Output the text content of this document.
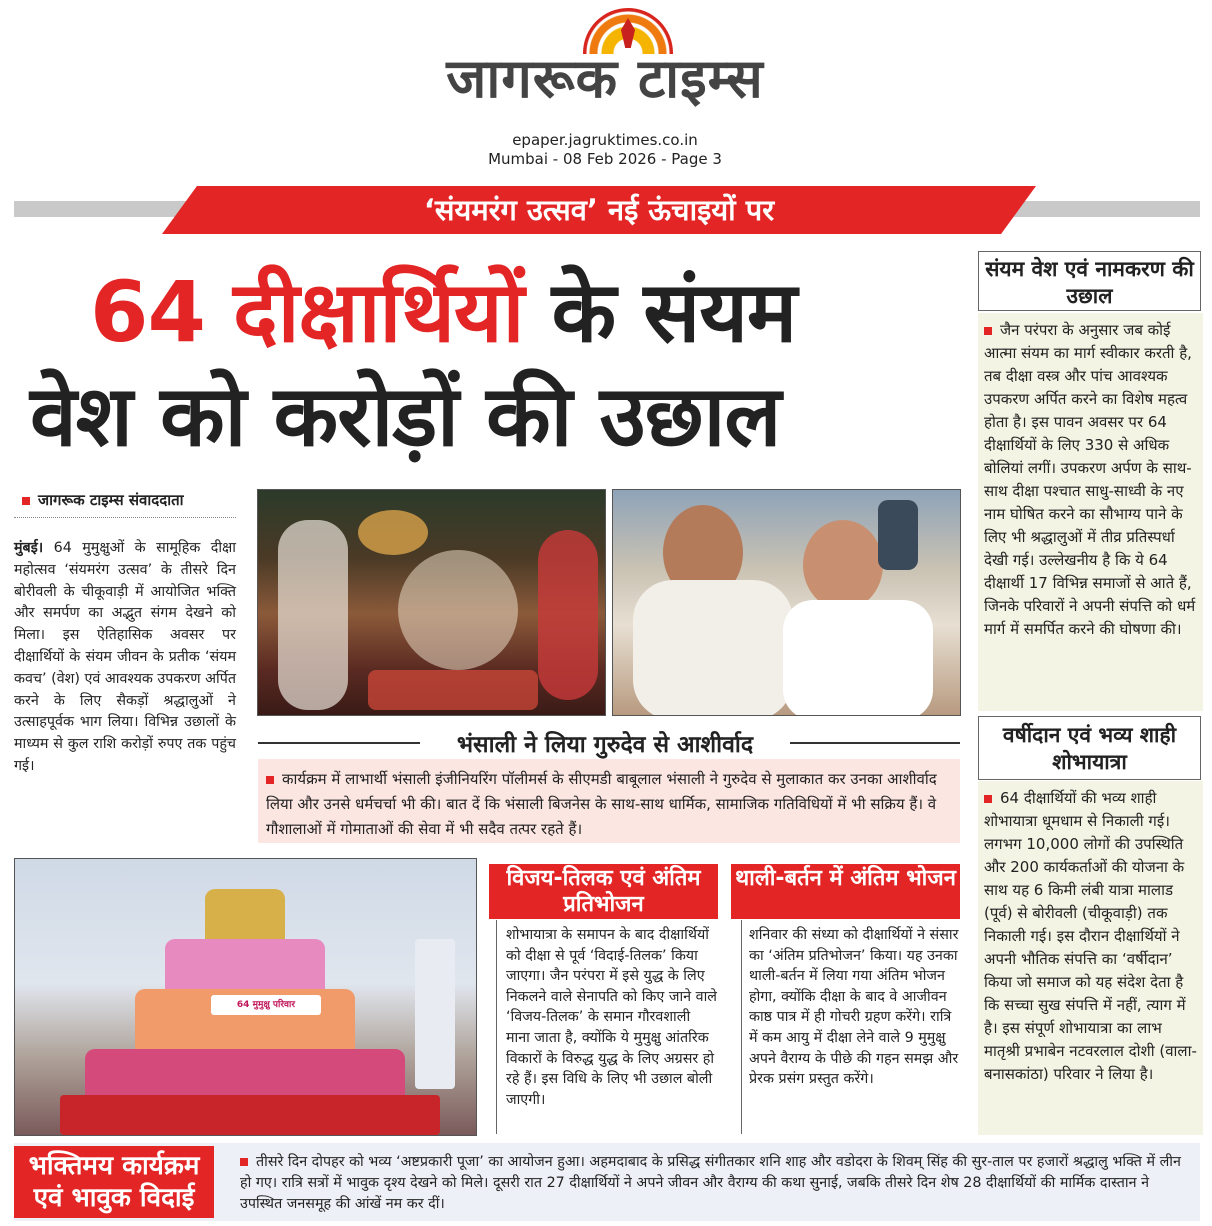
जागरूक टाइम्स
epaper.jagruktimes.co.in
Mumbai - 08 Feb 2026 - Page 3
‘संयमरंग उत्सव’ नई ऊंचाइयों पर
64 दीक्षार्थियों के संयम
वेश को करोड़ों की उछाल
जागरूक टाइम्स संवाददाता
मुंबई। 64 मुमुक्षुओं के सामूहिक दीक्षा महोत्सव ‘संयमरंग उत्सव’ के तीसरे दिन बोरीवली के चीकूवाड़ी में आयोजित भक्ति और समर्पण का अद्भुत संगम देखने को मिला। इस ऐतिहासिक अवसर पर दीक्षार्थियों के संयम जीवन के प्रतीक ‘संयम कवच’ (वेश) एवं आवश्यक उपकरण अर्पित करने के लिए सैकड़ों श्रद्धालुओं ने उत्साहपूर्वक भाग लिया। विभिन्न उछालों के माध्यम से कुल राशि करोड़ों रुपए तक पहुंच गई।
64 मुमुक्षु परिवार
भंसाली ने लिया गुरुदेव से आशीर्वाद
कार्यक्रम में लाभार्थी भंसाली इंजीनियरिंग पॉलीमर्स के सीएमडी बाबूलाल भंसाली ने गुरुदेव से मुलाकात कर उनका आशीर्वाद लिया और उनसे धर्मचर्चा भी की। बात दें कि भंसाली बिजनेस के साथ-साथ धार्मिक, सामाजिक गतिविधियों में भी सक्रिय हैं। वे गौशालाओं में गोमाताओं की सेवा में भी सदैव तत्पर रहते हैं।
संयम वेश एवं नामकरण की उछाल
जैन परंपरा के अनुसार जब कोई आत्मा संयम का मार्ग स्वीकार करती है, तब दीक्षा वस्त्र और पांच आवश्यक उपकरण अर्पित करने का विशेष महत्व होता है। इस पावन अवसर पर 64 दीक्षार्थियों के लिए 330 से अधिक बोलियां लगीं। उपकरण अर्पण के साथ-साथ दीक्षा पश्चात साधु-साध्वी के नए नाम घोषित करने का सौभाग्य पाने के लिए भी श्रद्धालुओं में तीव्र प्रतिस्पर्धा देखी गई। उल्लेखनीय है कि ये 64 दीक्षार्थी 17 विभिन्न समाजों से आते हैं, जिनके परिवारों ने अपनी संपत्ति को धर्म मार्ग में समर्पित करने की घोषणा की।
वर्षीदान एवं भव्य शाही शोभायात्रा
64 दीक्षार्थियों की भव्य शाही शोभायात्रा धूमधाम से निकाली गई। लगभग 10,000 लोगों की उपस्थिति और 200 कार्यकर्ताओं की योजना के साथ यह 6 किमी लंबी यात्रा मालाड (पूर्व) से बोरीवली (चीकूवाड़ी) तक निकाली गई। इस दौरान दीक्षार्थियों ने अपनी भौतिक संपत्ति का ‘वर्षीदान’ किया जो समाज को यह संदेश देता है कि सच्चा सुख संपत्ति में नहीं, त्याग में है। इस संपूर्ण शोभायात्रा का लाभ मातृश्री प्रभाबेन नटवरलाल दोशी (वाला-बनासकांठा) परिवार ने लिया है।
विजय-तिलक एवं अंतिम प्रतिभोजन
शोभायात्रा के समापन के बाद दीक्षार्थियों को दीक्षा से पूर्व ‘विदाई-तिलक’ किया जाएगा। जैन परंपरा में इसे युद्ध के लिए निकलने वाले सेनापति को किए जाने वाले ‘विजय-तिलक’ के समान गौरवशाली माना जाता है, क्योंकि ये मुमुक्षु आंतरिक विकारों के विरुद्ध युद्ध के लिए अग्रसर हो रहे हैं। इस विधि के लिए भी उछाल बोली जाएगी।
थाली-बर्तन में अंतिम भोजन
शनिवार की संध्या को दीक्षार्थियों ने संसार का ‘अंतिम प्रतिभोजन’ किया। यह उनका थाली-बर्तन में लिया गया अंतिम भोजन होगा, क्योंकि दीक्षा के बाद वे आजीवन काष्ठ पात्र में ही गोचरी ग्रहण करेंगे। रात्रि में कम आयु में दीक्षा लेने वाले 9 मुमुक्षु अपने वैराग्य के पीछे की गहन समझ और प्रेरक प्रसंग प्रस्तुत करेंगे।
भक्तिमय कार्यक्रम एवं भावुक विदाई
तीसरे दिन दोपहर को भव्य ‘अष्टप्रकारी पूजा’ का आयोजन हुआ। अहमदाबाद के प्रसिद्ध संगीतकार शनि शाह और वडोदरा के शिवम् सिंह की सुर-ताल पर हजारों श्रद्धालु भक्ति में लीन हो गए। रात्रि सत्रों में भावुक दृश्य देखने को मिले। दूसरी रात 27 दीक्षार्थियों ने अपने जीवन और वैराग्य की कथा सुनाई, जबकि तीसरे दिन शेष 28 दीक्षार्थियों की मार्मिक दास्तान ने उपस्थित जनसमूह की आंखें नम कर दीं।
